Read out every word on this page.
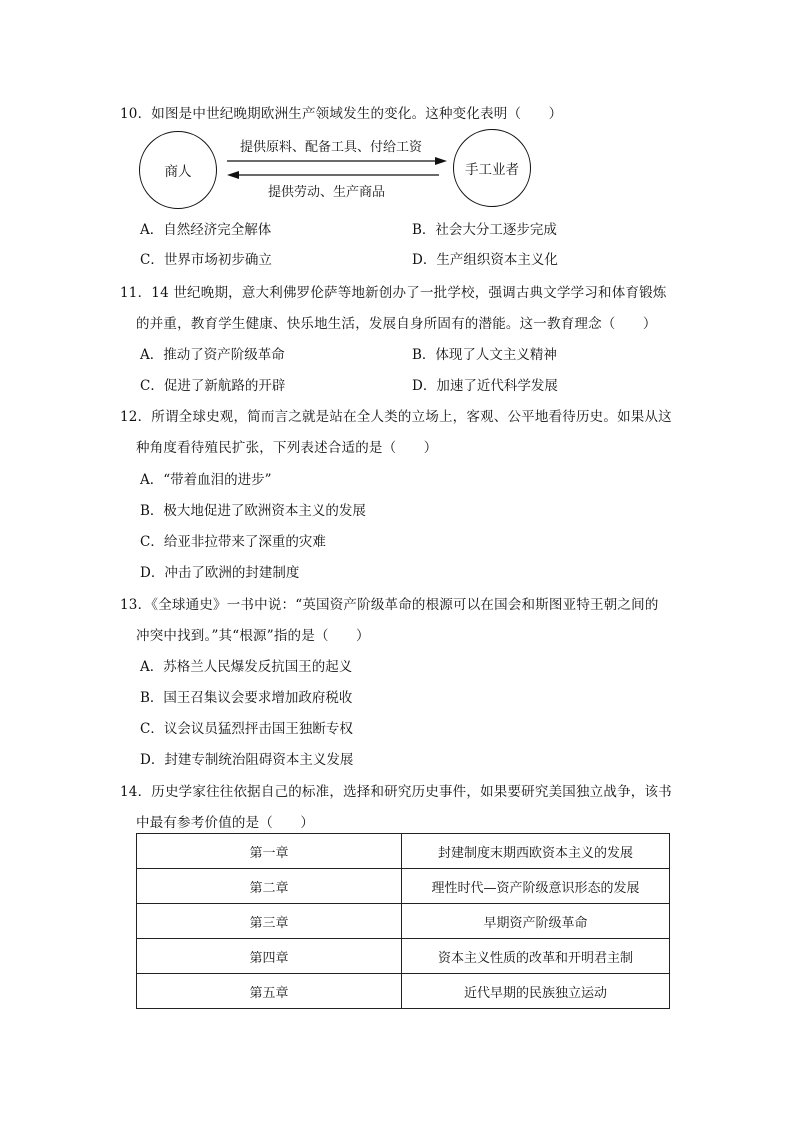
10．如图是中世纪晚期欧洲生产领域发生的变化。这种变化表明（　　）
商人	手工业者
提供原料、配备工具、付给工资
提供劳动、生产商品
A．自然经济完全解体	B．社会大分工逐步完成
C．世界市场初步确立	D．生产组织资本主义化
11．14 世纪晚期，意大利佛罗伦萨等地新创办了一批学校，强调古典文学学习和体育锻炼
的并重，教育学生健康、快乐地生活，发展自身所固有的潜能。这一教育理念（　　）
A．推动了资产阶级革命	B．体现了人文主义精神
C．促进了新航路的开辟	D．加速了近代科学发展
12．所谓全球史观，简而言之就是站在全人类的立场上，客观、公平地看待历史。如果从这
种角度看待殖民扩张，下列表述合适的是（　　）
A．“带着血泪的进步”
B．极大地促进了欧洲资本主义的发展
C．给亚非拉带来了深重的灾难
D．冲击了欧洲的封建制度
13．《全球通史》一书中说：“英国资产阶级革命的根源可以在国会和斯图亚特王朝之间的
冲突中找到。”其“根源”指的是（　　）
A．苏格兰人民爆发反抗国王的起义
B．国王召集议会要求增加政府税收
C．议会议员猛烈抨击国王独断专权
D．封建专制统治阻碍资本主义发展
14．历史学家往往依据自己的标准，选择和研究历史事件，如果要研究美国独立战争，该书
中最有参考价值的是（　　）
第一章	封建制度末期西欧资本主义的发展
第二章	理性时代—资产阶级意识形态的发展
第三章	早期资产阶级革命
第四章	资本主义性质的改革和开明君主制
第五章	近代早期的民族独立运动
